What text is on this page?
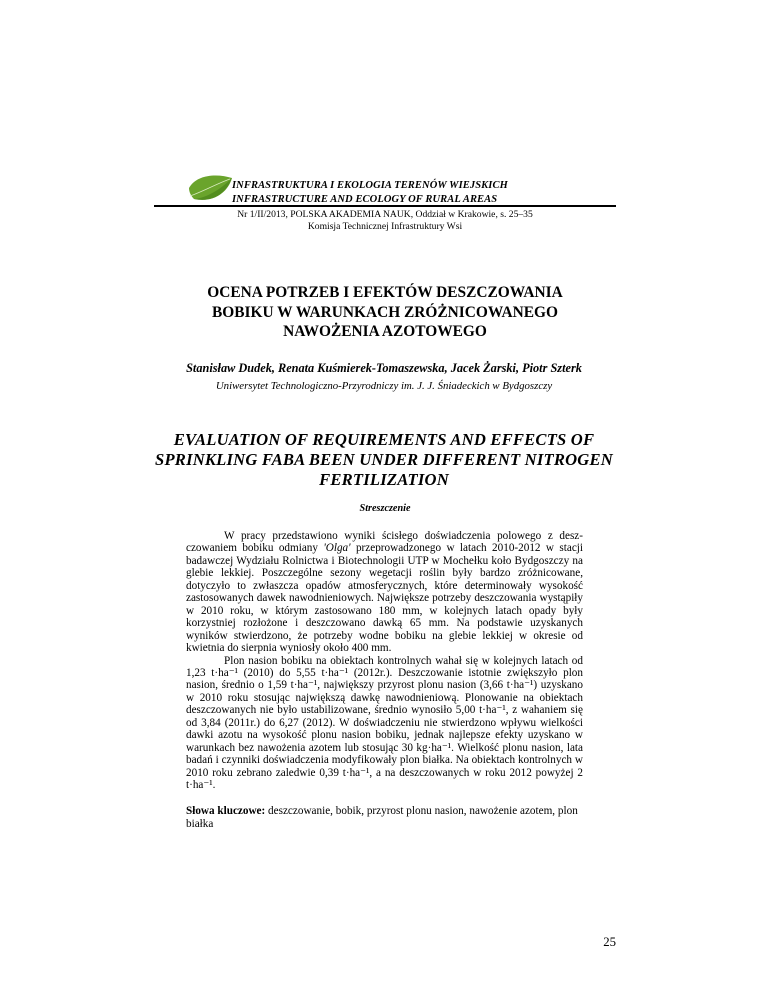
INFRASTRUKTURA I EKOLOGIA TERENÓW WIEJSKICH
INFRASTRUCTURE AND ECOLOGY OF RURAL AREAS
Nr 1/II/2013, POLSKA AKADEMIA NAUK, Oddział w Krakowie, s. 25–35
Komisja Technicznej Infrastruktury Wsi
OCENA POTRZEB I EFEKTÓW DESZCZOWANIA
BOBIKU W WARUNKACH ZRÓŻNICOWANEGO
NAWOŻENIA AZOTOWEGO
Stanisław Dudek, Renata Kuśmierek-Tomaszewska, Jacek Żarski, Piotr Szterk
Uniwersytet Technologiczno-Przyrodniczy im. J. J. Śniadeckich w Bydgoszczy
EVALUATION OF REQUIREMENTS AND EFFECTS OF
SPRINKLING FABA BEEN UNDER DIFFERENT NITROGEN
FERTILIZATION
Streszczenie

W pracy przedstawiono wyniki ścisłego doświadczenia polowego z desz-czowaniem bobiku odmiany 'Olga' przeprowadzonego w latach 2010-2012 w stacji badawczej Wydziału Rolnictwa i Biotechnologii UTP w Mochełku koło Bydgoszczy na glebie lekkiej. Poszczególne sezony wegetacji roślin były bardzo zróżnicowane, dotyczyło to zwłaszcza opadów atmosferycznych, które determinowały wysokość zastosowanych dawek nawodnieniowych. Największe potrzeby deszczowania wystąpiły w 2010 roku, w którym zastosowano 180 mm, w kolejnych latach opady były korzystniej rozłożone i deszczowano dawką 65 mm. Na podstawie uzyskanych wyników stwierdzono, że potrzeby wodne bobiku na glebie lekkiej w okresie od kwietnia do sierpnia wyniosły około 400 mm.

Plon nasion bobiku na obiektach kontrolnych wahał się w kolejnych latach od 1,23 t·ha⁻¹ (2010) do 5,55 t·ha⁻¹ (2012r.). Deszczowanie istotnie zwiększyło plon nasion, średnio o 1,59 t·ha⁻¹, największy przyrost plonu nasion (3,66 t·ha⁻¹) uzyskano w 2010 roku stosując największą dawkę nawodnieniową. Plonowanie na obiektach deszczowanych nie było ustabilizowane, średnio wynosiło 5,00 t·ha⁻¹, z wahaniem się od 3,84 (2011r.) do 6,27 (2012). W doświadczeniu nie stwierdzono wpływu wielkości dawki azotu na wysokość plonu nasion bobiku, jednak najlepsze efekty uzyskano w warunkach bez nawożenia azotem lub stosując 30 kg·ha⁻¹. Wielkość plonu nasion, lata badań i czynniki doświadczenia modyfikowały plon białka. Na obiektach kontrolnych w 2010 roku zebrano zaledwie 0,39 t·ha⁻¹, a na deszczowanych w roku 2012 powyżej 2 t·ha⁻¹.

Słowa kluczowe: deszczowanie, bobik, przyrost plonu nasion, nawożenie azotem, plon białka
25
